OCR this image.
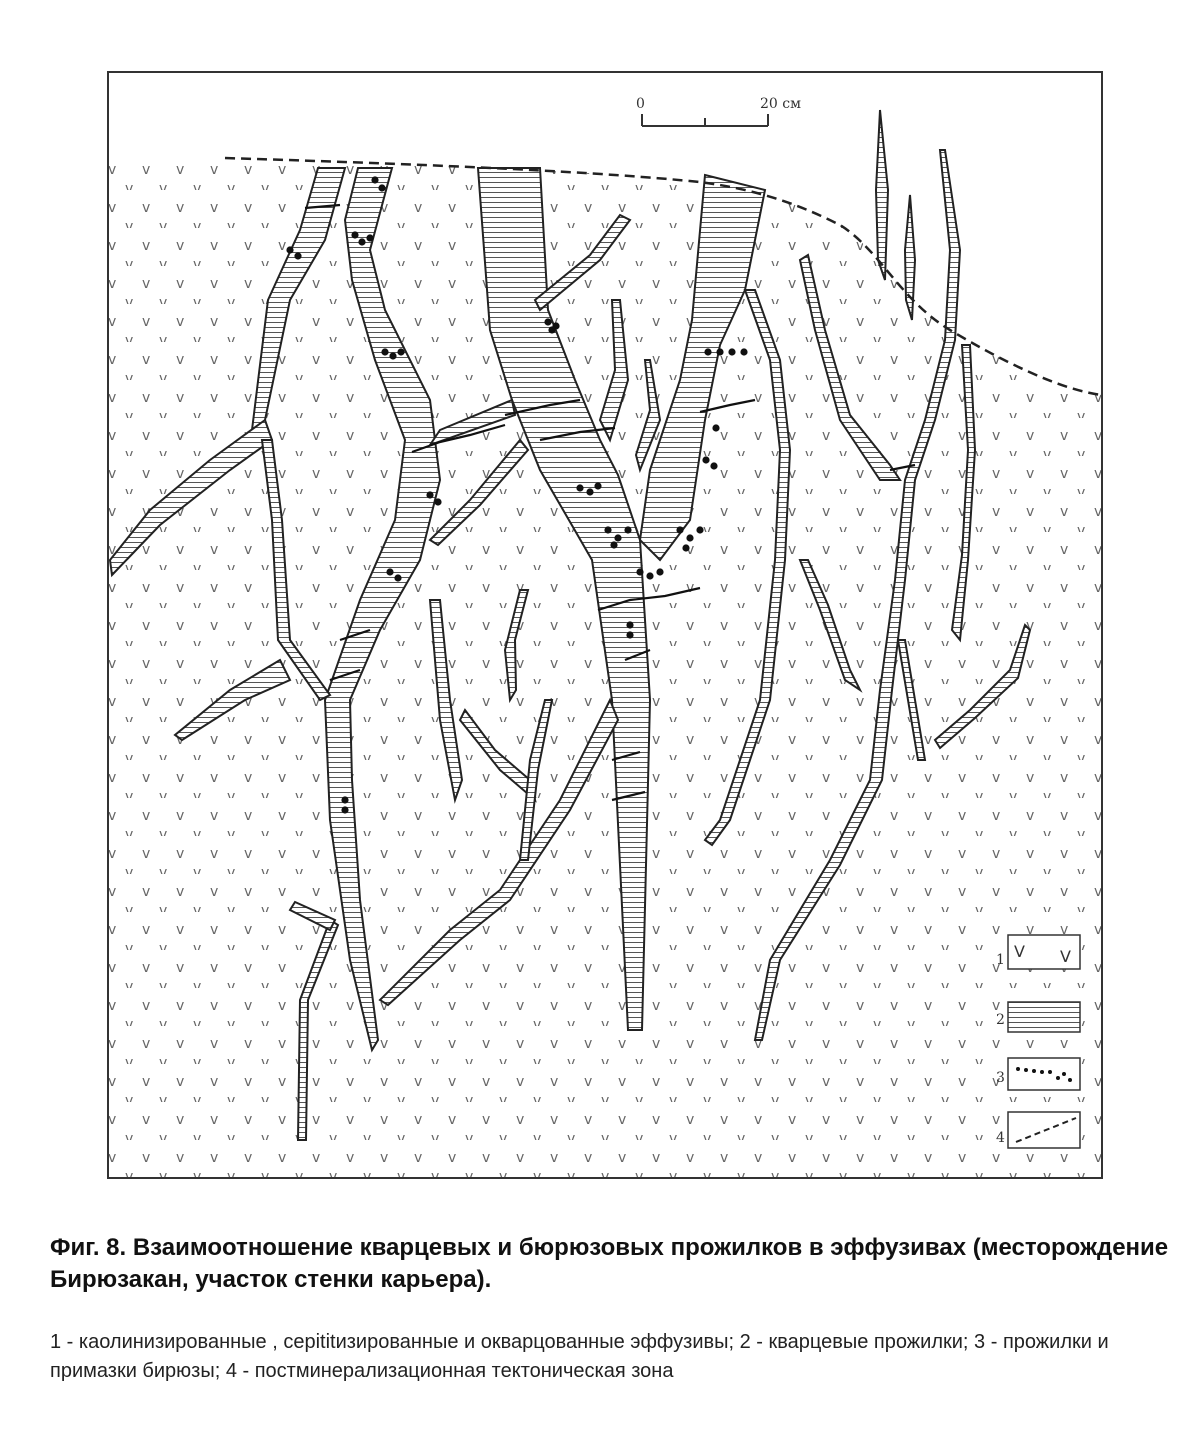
0	20 см
1 V V
2
3
4

Фиг. 8. Взаимоотношение кварцевых и бюрюзовых прожилков в эффузивах (месторождение Бирюзакан, участок стенки карьера).

1 - каолинизированные , серititизированные и окварцованные эффузивы; 2 - кварцевые прожилки; 3 - прожилки и примазки бирюзы; 4 - постминерализационная тектоническая зона
